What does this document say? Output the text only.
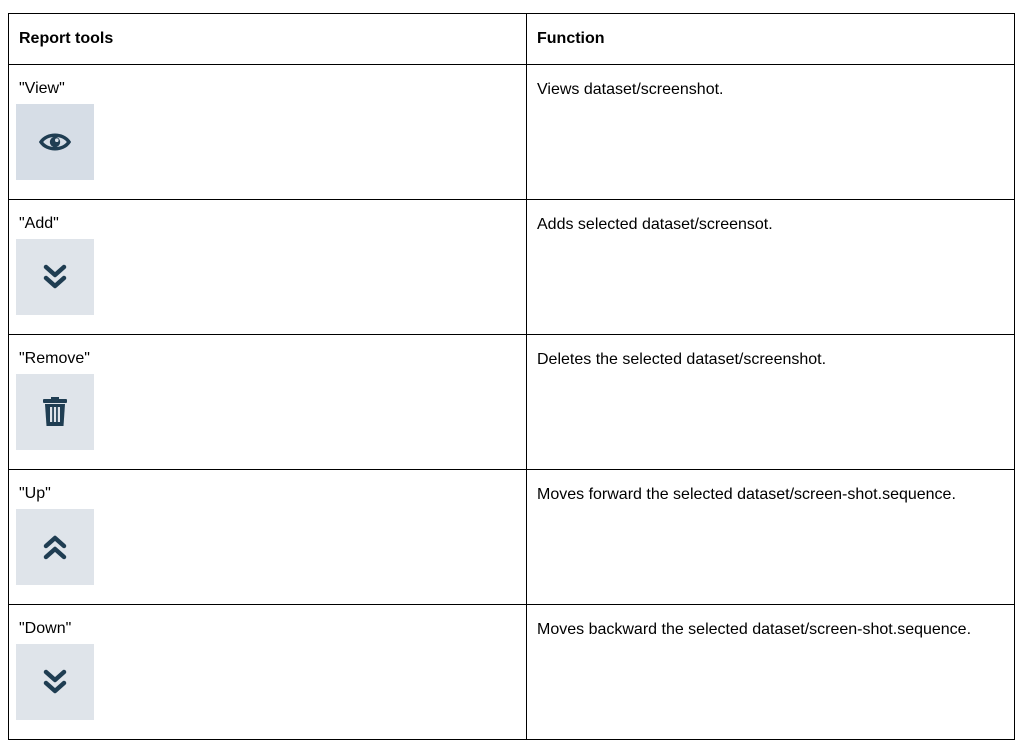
Report tools	Function

"View"	Views dataset/screenshot.

"Add"	Adds selected dataset/screensot.

"Remove"	Deletes the selected dataset/screenshot.

"Up"	Moves forward the selected dataset/screen-shot.sequence.

"Down"	Moves backward the selected dataset/screen-shot.sequence.
